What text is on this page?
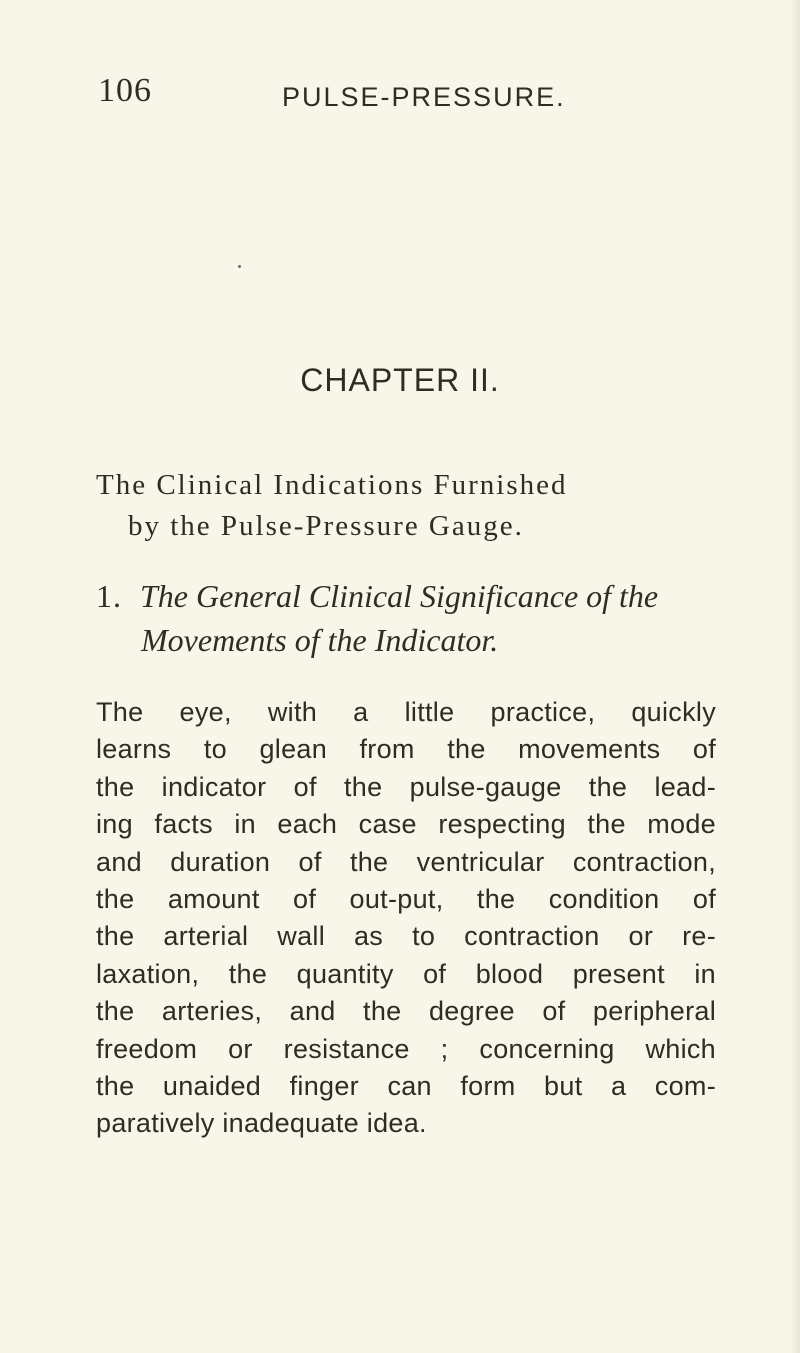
106	PULSE-PRESSURE.
CHAPTER II.
The Clinical Indications Furnished
by the Pulse-Pressure Gauge.
1. The General Clinical Significance of the
Movements of the Indicator.
The eye, with a little practice, quickly
learns to glean from the movements of
the indicator of the pulse-gauge the lead-
ing facts in each case respecting the mode
and duration of the ventricular contraction,
the amount of out-put, the condition of
the arterial wall as to contraction or re-
laxation, the quantity of blood present in
the arteries, and the degree of peripheral
freedom or resistance ; concerning which
the unaided finger can form but a com-
paratively inadequate idea.
